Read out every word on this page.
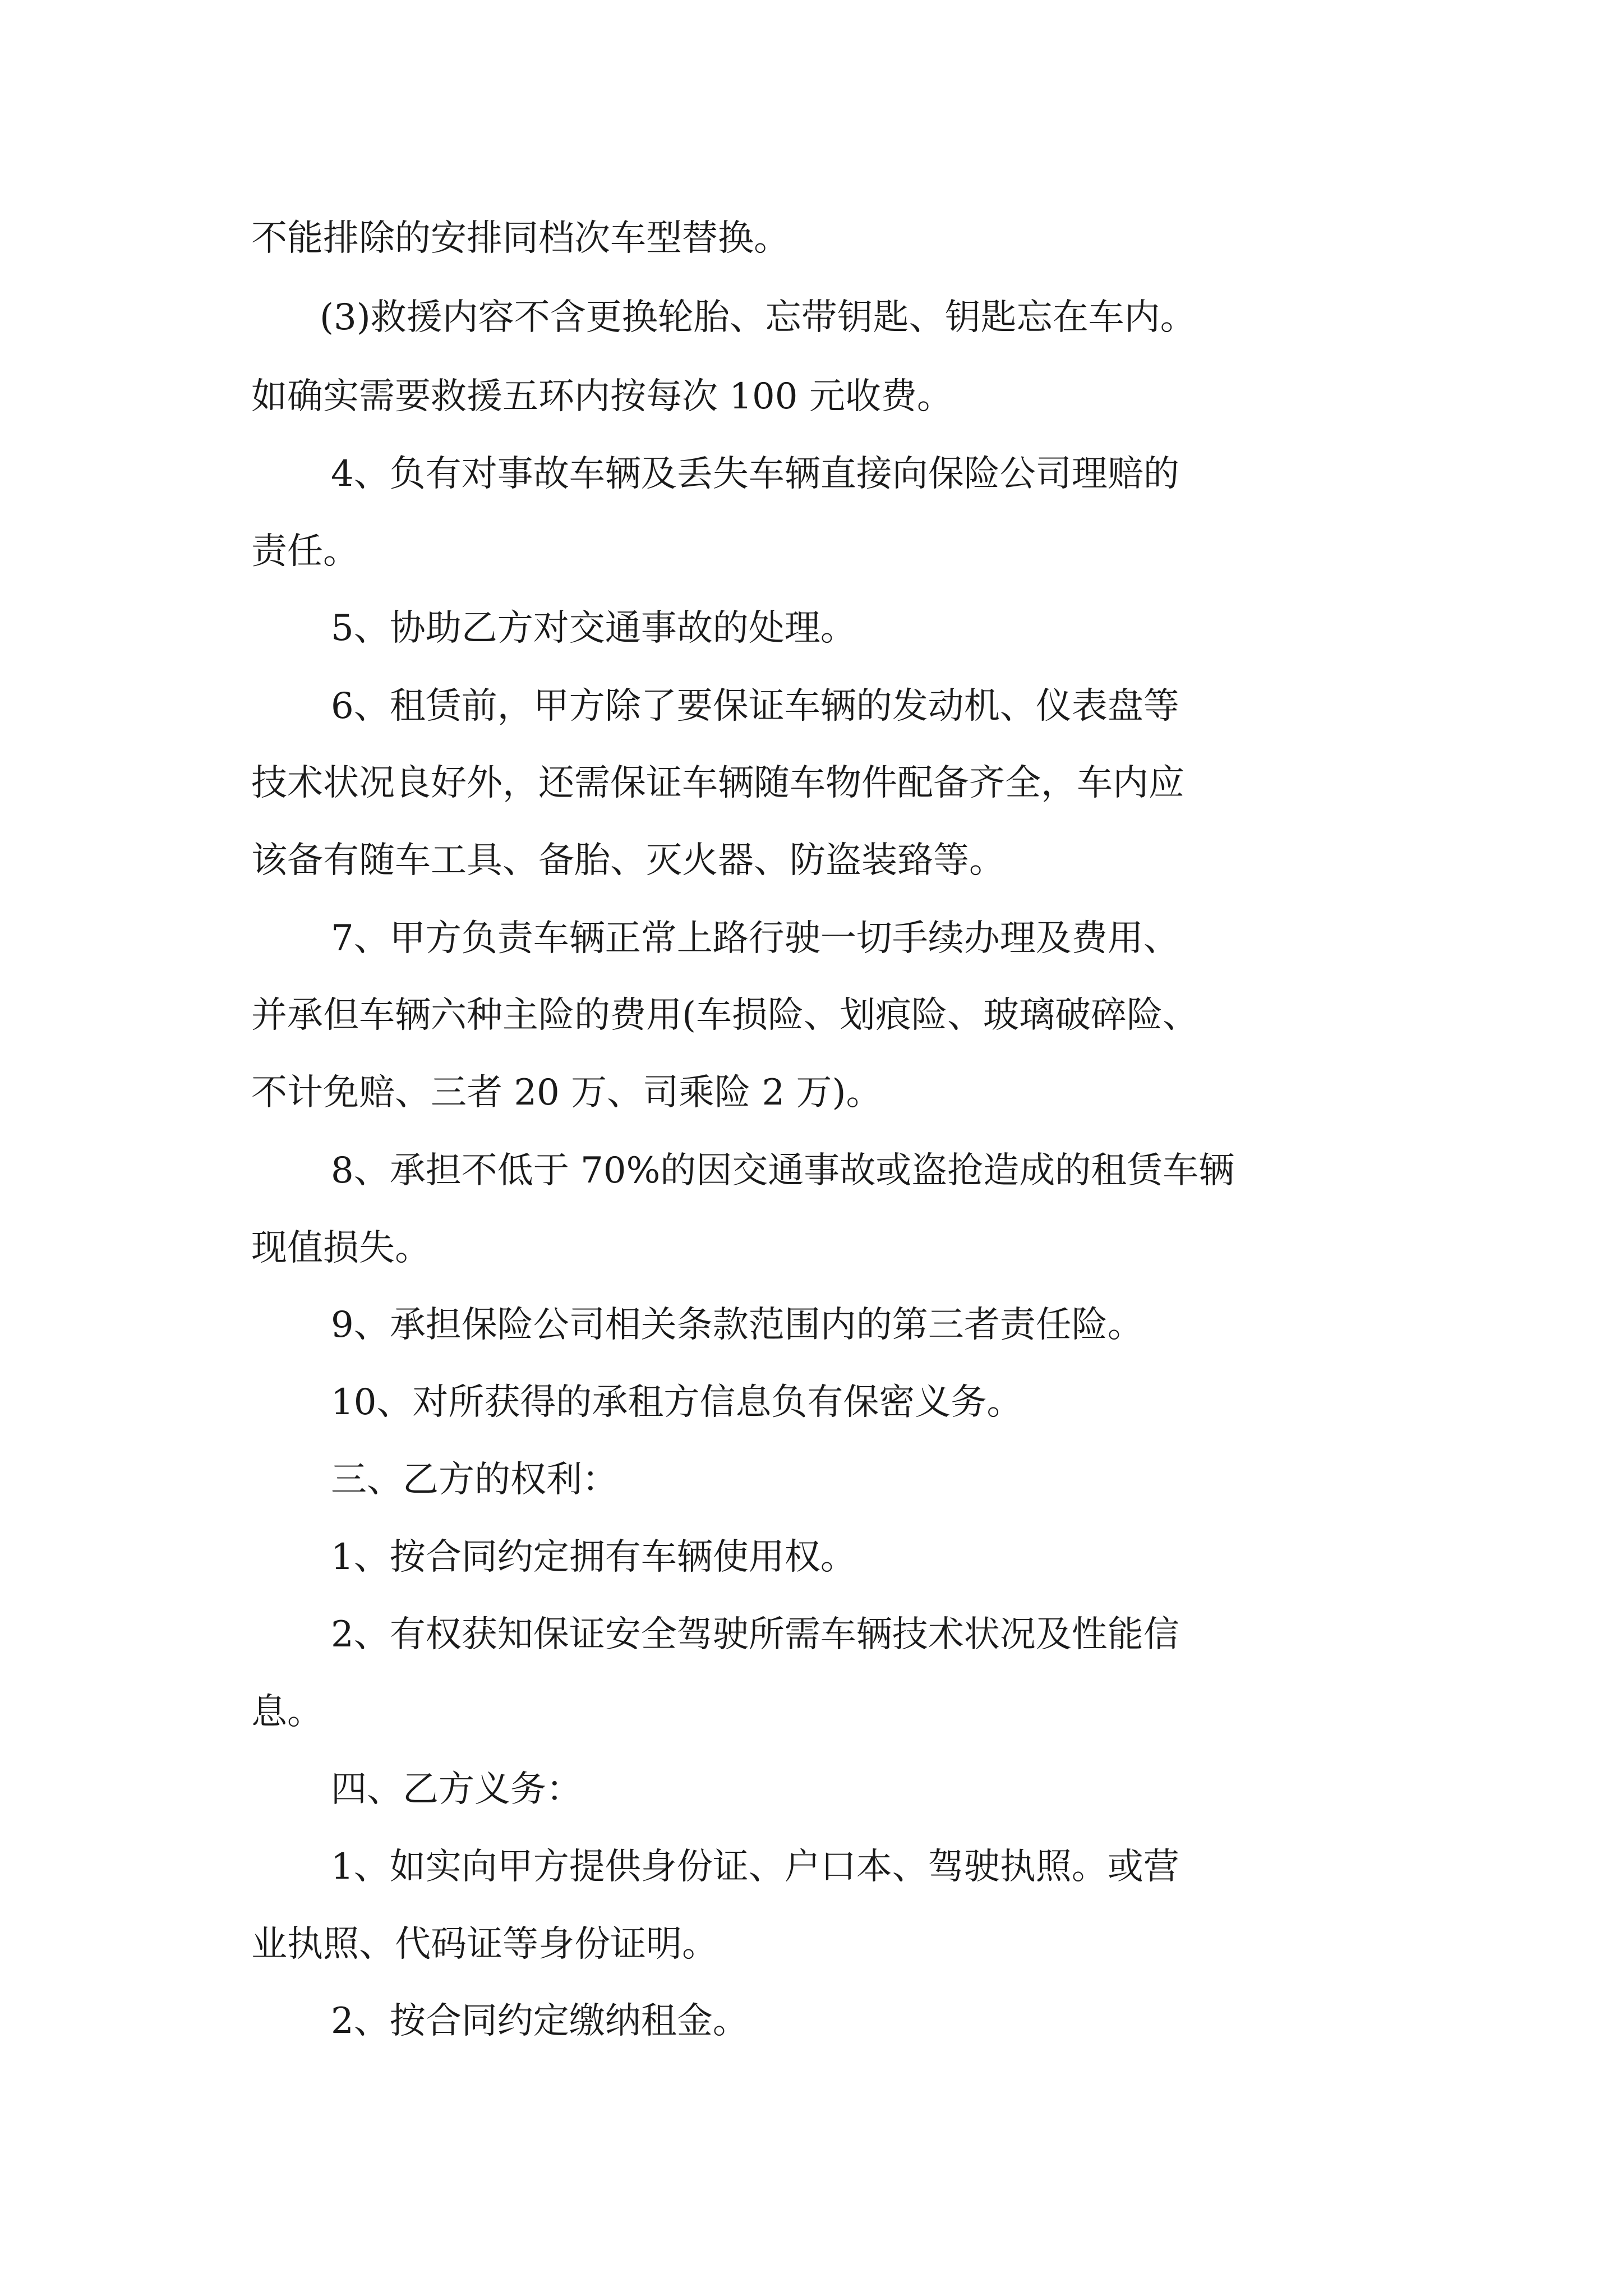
不能排除的安排同档次车型替换。
(3)救援内容不含更换轮胎、忘带钥匙、钥匙忘在车内。
如确实需要救援五环内按每次 100 元收费。
4、负有对事故车辆及丢失车辆直接向保险公司理赔的
责任。
5、协助乙方对交通事故的处理。
6、租赁前，甲方除了要保证车辆的发动机、仪表盘等
技术状况良好外，还需保证车辆随车物件配备齐全，车内应
该备有随车工具、备胎、灭火器、防盗装臵等。
7、甲方负责车辆正常上路行驶一切手续办理及费用、
并承但车辆六种主险的费用(车损险、划痕险、玻璃破碎险、
不计免赔、三者 20 万、司乘险 2 万)。
8、承担不低于 70%的因交通事故或盗抢造成的租赁车辆
现值损失。
9、承担保险公司相关条款范围内的第三者责任险。
10、对所获得的承租方信息负有保密义务。
三、乙方的权利：
1、按合同约定拥有车辆使用权。
2、有权获知保证安全驾驶所需车辆技术状况及性能信
息。
四、乙方义务：
1、如实向甲方提供身份证、户口本、驾驶执照。或营
业执照、代码证等身份证明。
2、按合同约定缴纳租金。
